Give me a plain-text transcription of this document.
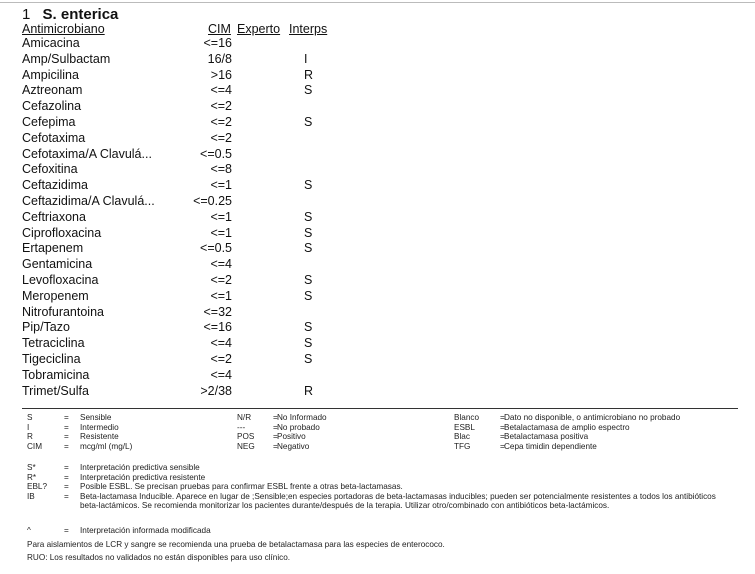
1 S. enterica
Antimicrobiano	CIM Experto Interps
Amicacina	<=16
Amp/Sulbactam	16/8	I
Ampicilina	>16	R
Aztreonam	<=4	S
Cefazolina	<=2
Cefepima	<=2	S
Cefotaxima	<=2
Cefotaxima/A Clavulá...	<=0.5
Cefoxitina	<=8
Ceftazidima	<=1	S
Ceftazidima/A Clavulá...	<=0.25
Ceftriaxona	<=1	S
Ciprofloxacina	<=1	S
Ertapenem	<=0.5	S
Gentamicina	<=4
Levofloxacina	<=2	S
Meropenem	<=1	S
Nitrofurantoina	<=32
Pip/Tazo	<=16	S
Tetraciclina	<=4	S
Tigeciclina	<=2	S
Tobramicina	<=4
Trimet/Sulfa	>2/38	R
S	= Sensible
I	= Intermedio
R	= Resistente
CIM	= mcg/ml (mg/L)
N/R	= No Informado
---	= No probado
POS = Positivo
NEG = Negativo
Blanco	= Dato no disponible, o antimicrobiano no probado
ESBL	= Betalactamasa de amplio espectro
Blac	= Betalactamasa positiva
TFG	= Cepa timidin dependiente
S*	= Interpretación predictiva sensible
R*	= Interpretación predictiva resistente
EBL? = Posible ESBL. Se precisan pruebas para confirmar ESBL frente a otras beta-lactamasas.
IB	= Beta-lactamasa Inducible. Aparece en lugar de ;Sensible;en especies portadoras de beta-lactamasas inducibles; pueden ser potencialmente resistentes a todos los antibióticos
beta-lactámicos. Se recomienda monitorizar los pacientes durante/después de la terapia. Utilizar otro/combinado con antibióticos beta-lactámicos.
^	= Interpretación informada modificada
Para aislamientos de LCR y sangre se recomienda una prueba de betalactamasa para las especies de enterococo.
RUO: Los resultados no validados no están disponibles para uso clínico.
